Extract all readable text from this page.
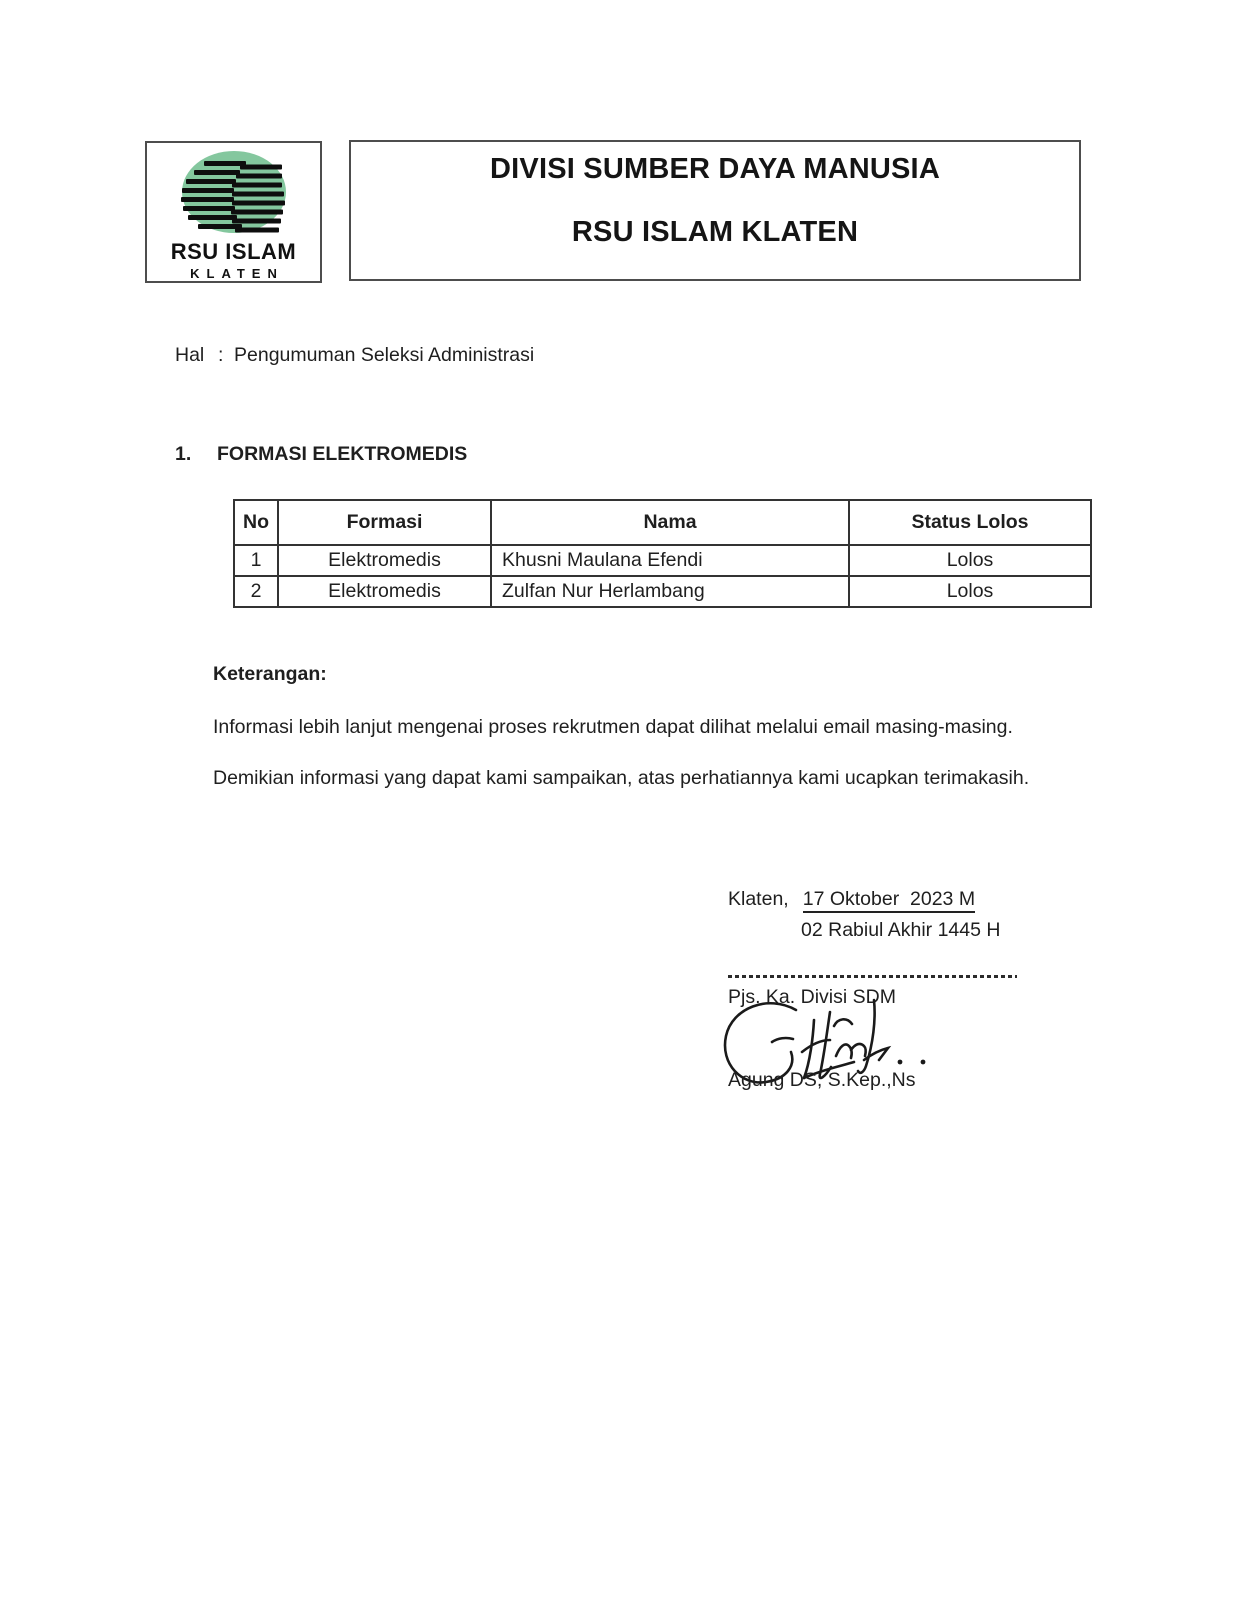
RSU ISLAM
KLATEN
DIVISI SUMBER DAYA MANUSIA
RSU ISLAM KLATEN
Hal : Pengumuman Seleksi Administrasi
1. FORMASI ELEKTROMEDIS
No	Formasi	Nama	Status Lolos
1	Elektromedis	Khusni Maulana Efendi	Lolos
2	Elektromedis	Zulfan Nur Herlambang	Lolos
Keterangan:
Informasi lebih lanjut mengenai proses rekrutmen dapat dilihat melalui email masing-masing.
Demikian informasi yang dapat kami sampaikan, atas perhatiannya kami ucapkan terimakasih.
Klaten, 17 Oktober  2023 M
02 Rabiul Akhir 1445 H
Pjs. Ka. Divisi SDM
Agung DS, S.Kep.,Ns
